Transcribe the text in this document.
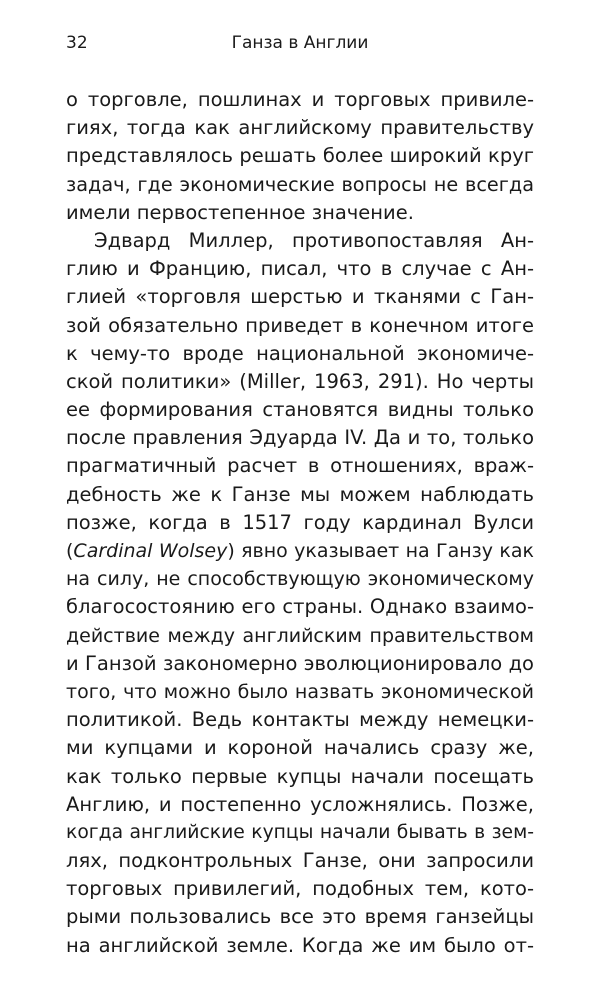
32	Ганза в Англии
о торговле, пошлинах и торговых привиле-
гиях, тогда как английскому правительству
представлялось решать более широкий круг
задач, где экономические вопросы не всегда
имели первостепенное значение.
Эдвард Миллер, противопоставляя Ан-
глию и Францию, писал, что в случае с Ан-
глией «торговля шерстью и тканями с Ган-
зой обязательно приведет в конечном итоге
к чему-то вроде национальной экономиче-
ской политики» (Miller, 1963, 291). Но черты
ее формирования становятся видны только
после правления Эдуарда IV. Да и то, только
прагматичный расчет в отношениях, враж-
дебность же к Ганзе мы можем наблюдать
позже, когда в 1517 году кардинал Вулси
(Cardinal Wolsey) явно указывает на Ганзу как
на силу, не способствующую экономическому
благосостоянию его страны. Однако взаимо-
действие между английским правительством
и Ганзой закономерно эволюционировало до
того, что можно было назвать экономической
политикой. Ведь контакты между немецки-
ми купцами и короной начались сразу же,
как только первые купцы начали посещать
Англию, и постепенно усложнялись. Позже,
когда английские купцы начали бывать в зем-
лях, подконтрольных Ганзе, они запросили
торговых привилегий, подобных тем, кото-
рыми пользовались все это время ганзейцы
на английской земле. Когда же им было от-
